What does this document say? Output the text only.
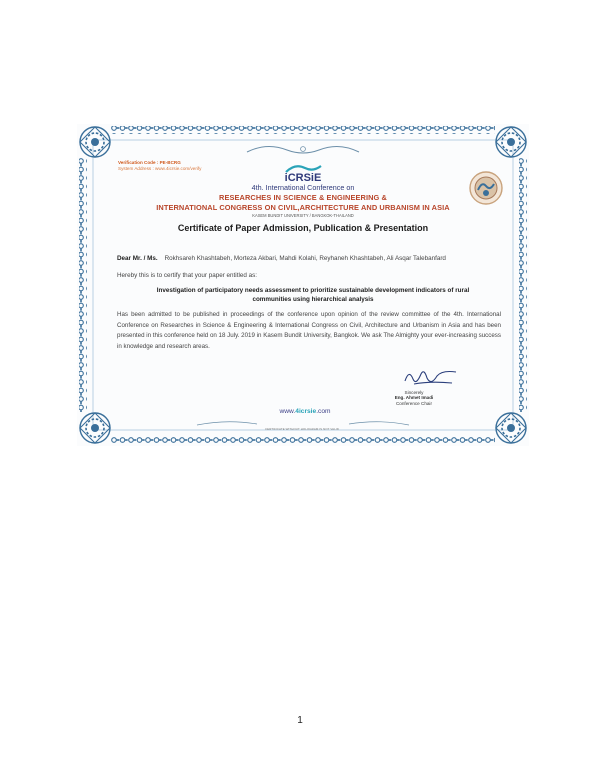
Verification Code : PE-BCRG
System Address : www.4icrsie.com/verify
iCRSiE
4th. International Conference on
RESEARCHES IN SCIENCE & ENGINEERING &
INTERNATIONAL CONGRESS ON CIVIL,ARCHITECTURE AND URBANISM IN ASIA
KASEM BUNDIT UNIVERSITY / BANGKOK-THAILAND
Certificate of Paper Admission, Publication & Presentation
Dear Mr. / Ms. Rokhsareh Khashtabeh, Morteza Akbari, Mahdi Kolahi, Reyhaneh Khashtabeh, Ali Asqar Talebanfard
Hereby this is to certify that your paper entitled as:
Investigation of participatory needs assessment to prioritize sustainable development indicators of rural
communities using hierarchical analysis
Has been admitted to be published in proceedings of the conference upon opinion of the review committee of the 4th. International Conference on Researches in Science & Engineering & International Congress on Civil, Architecture and Urbanism in Asia and has been presented in this conference held on 18 July. 2019 in Kasem Bundit University, Bangkok. We ask The Almighty your ever-increasing success in knowledge and research areas.
Sincerely
Eng. Ahmet Imadi
Conference Chair
www.4icrsie.com
CERTIFICATE WITHOUT HOLOGRAM IS NOT VALID
1
